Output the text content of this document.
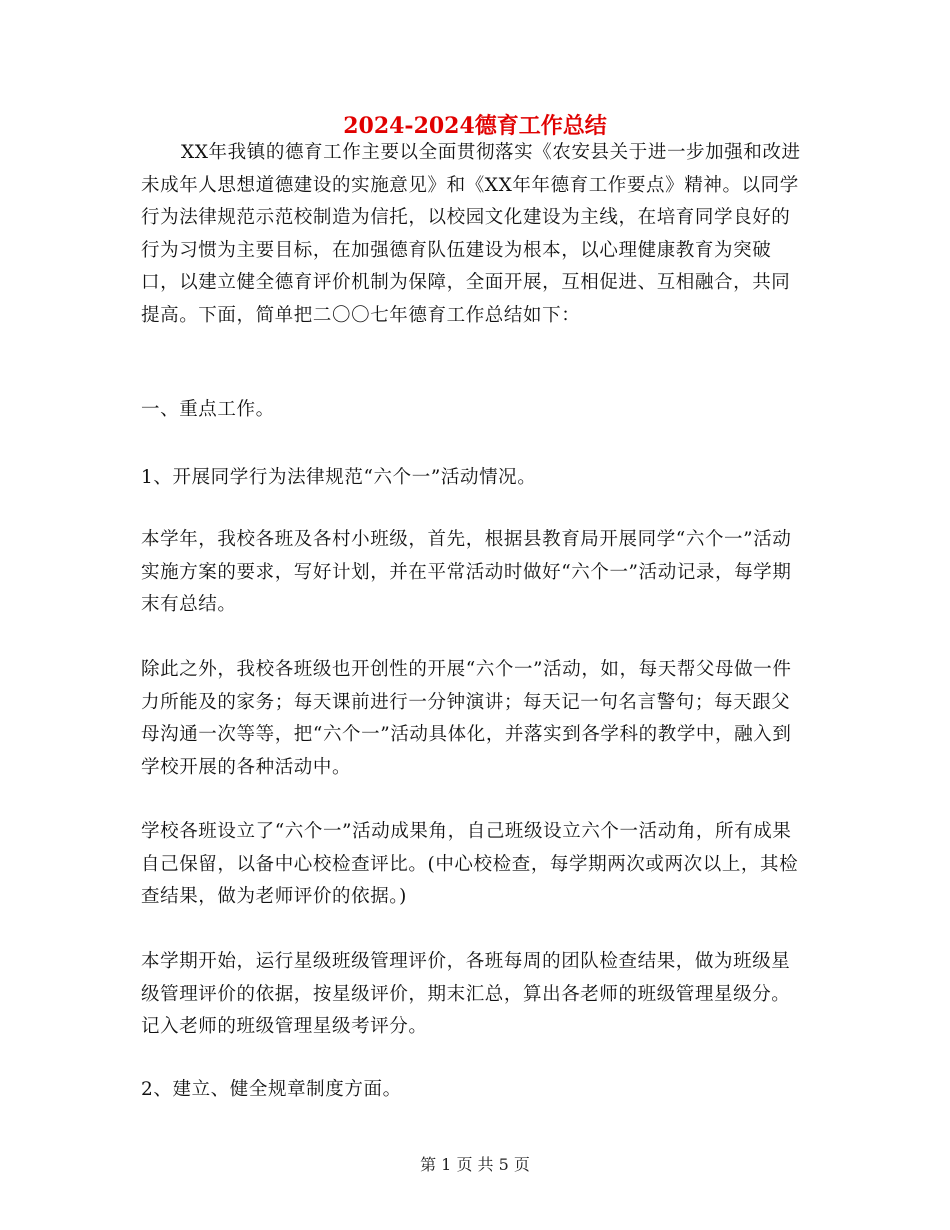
2024-2024德育工作总结

XX年我镇的德育工作主要以全面贯彻落实《农安县关于进一步加强和改进未成年人思想道德建设的实施意见》和《XX年年德育工作要点》精神。以同学行为法律规范示范校制造为信托，以校园文化建设为主线，在培育同学良好的行为习惯为主要目标，在加强德育队伍建设为根本，以心理健康教育为突破口，以建立健全德育评价机制为保障，全面开展，互相促进、互相融合，共同提高。下面，简单把二〇〇七年德育工作总结如下：

一、重点工作。

1、开展同学行为法律规范“六个一”活动情况。

本学年，我校各班及各村小班级，首先，根据县教育局开展同学“六个一”活动实施方案的要求，写好计划，并在平常活动时做好“六个一”活动记录，每学期末有总结。

除此之外，我校各班级也开创性的开展“六个一”活动，如，每天帮父母做一件力所能及的家务；每天课前进行一分钟演讲；每天记一句名言警句；每天跟父母沟通一次等等，把“六个一”活动具体化，并落实到各学科的教学中，融入到学校开展的各种活动中。

学校各班设立了“六个一”活动成果角，自己班级设立六个一活动角，所有成果自己保留，以备中心校检查评比。(中心校检查，每学期两次或两次以上，其检查结果，做为老师评价的依据。)

本学期开始，运行星级班级管理评价，各班每周的团队检查结果，做为班级星级管理评价的依据，按星级评价，期末汇总，算出各老师的班级管理星级分。记入老师的班级管理星级考评分。

2、建立、健全规章制度方面。

第 1 页 共 5 页
